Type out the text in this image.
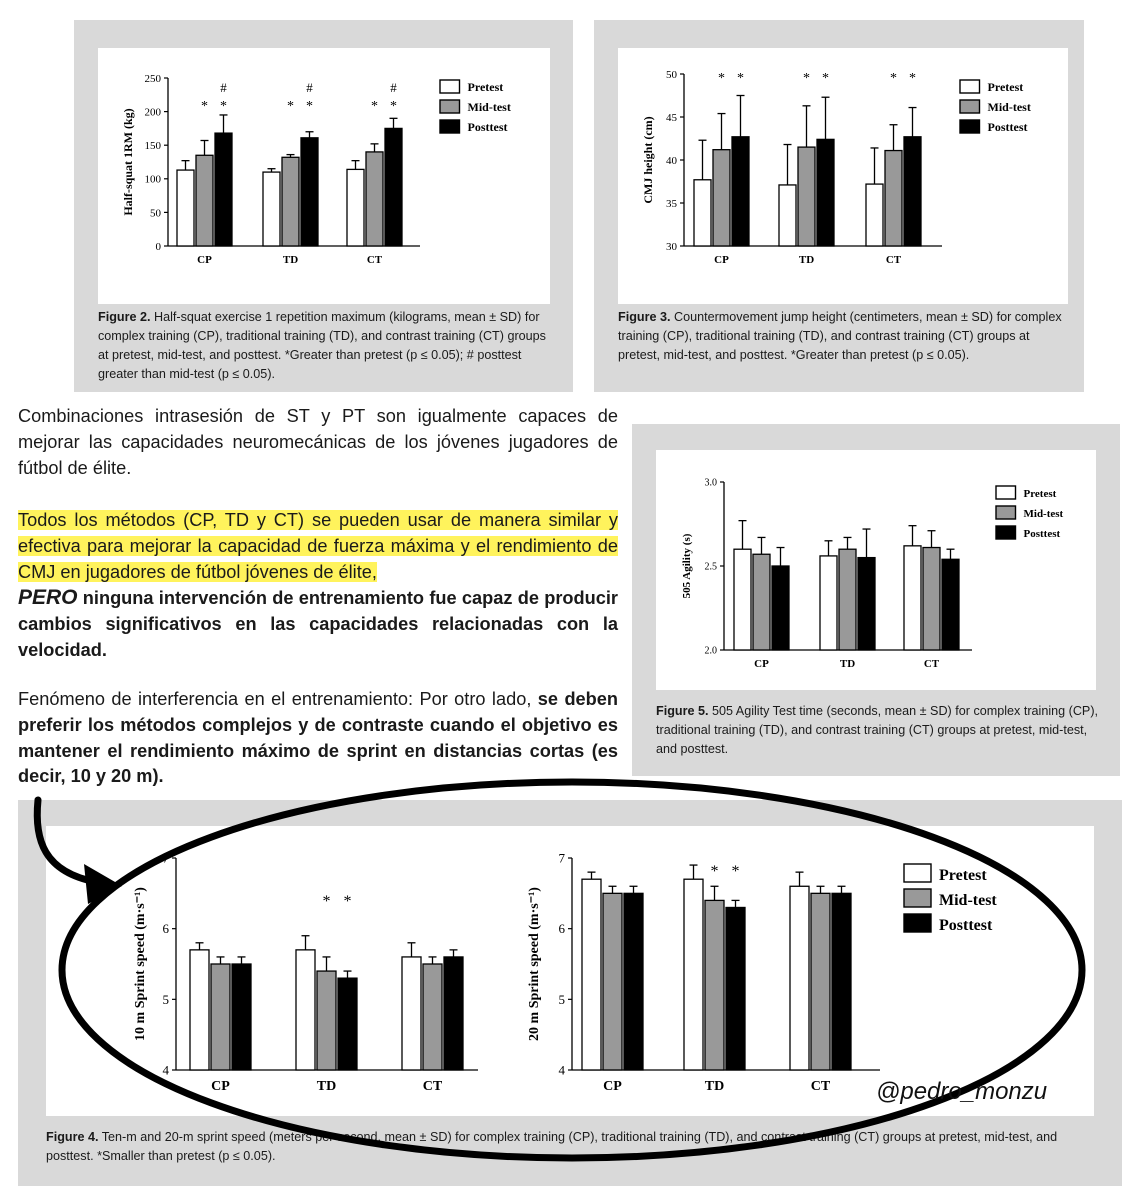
Figure 2. Half-squat exercise 1 repetition maximum (kilograms, mean ± SD) for complex training (CP), traditional training (TD), and contrast training (CT) groups at pretest, mid-test, and posttest. *Greater than pretest (p ≤ 0.05); # posttest greater than mid-test (p ≤ 0.05).
Figure 3. Countermovement jump height (centimeters, mean ± SD) for complex training (CP), traditional training (TD), and contrast training (CT) groups at pretest, mid-test, and posttest. *Greater than pretest (p ≤ 0.05).
Figure 5. 505 Agility Test time (seconds, mean ± SD) for complex training (CP), traditional training (TD), and contrast training (CT) groups at pretest, mid-test, and posttest.
Figure 4. Ten-m and 20-m sprint speed (meters per second, mean ± SD) for complex training (CP), traditional training (TD), and contrast training (CT) groups at pretest, mid-test, and posttest. *Smaller than pretest (p ≤ 0.05).
0
50
100
150
200
250
Half-squat 1RM (kg)
CP	TD	CT
* *
#
* *
#
* *
#	Pretest
Mid-test
Posttest
30
35
40
45
50
CMJ height (cm)
CP	TD	CT
* *	* *	* *
Pretest
Mid-test
Posttest
2.0
2.5
3.0
505 Agility (s)
CP	TD	CT
Pretest
Mid-test
Posttest
4
5
6
7
10 m Sprint speed (m·s⁻¹)
CP	TD	CT
* *
4
5
6
7
20 m Sprint speed (m·s⁻¹)
CP	TD	CT
* *	Pretest
Mid-test
Posttest

Combinaciones intrasesión de ST y PT son igualmente capaces de mejorar las capacidades neuromecánicas de los jóvenes jugadores de fútbol de élite.

Todos los métodos (CP, TD y CT) se pueden usar de manera similar y efectiva para mejorar la capacidad de fuerza máxima y el rendimiento de CMJ en jugadores de fútbol jóvenes de élite,
PERO ninguna intervención de entrenamiento fue capaz de producir cambios significativos en las capacidades relacionadas con la velocidad.

Fenómeno de interferencia en el entrenamiento: Por otro lado, se deben preferir los métodos complejos y de contraste cuando el objetivo es mantener el rendimiento máximo de sprint en distancias cortas (es decir, 10 y 20 m).

@pedro_monzu
